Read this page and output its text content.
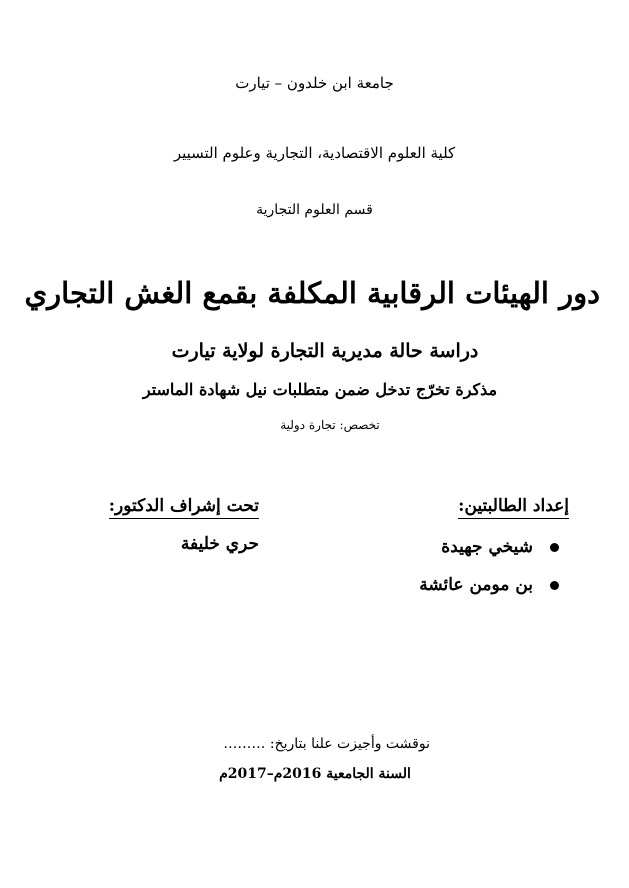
جامعة ابن خلدون – تيارت
كلية العلوم الاقتصادية، التجارية وعلوم التسيير
قسم العلوم التجارية
دور الهيئات الرقابية المكلفة بقمع الغش التجاري
دراسة حالة مديرية التجارة لولاية تيارت
مذكرة تخرّج تدخل ضمن متطلبات نيل شهادة الماستر
تخصص: تجارة دولية
إعداد الطالبتين:
شيخي جهيدة
بن مومن عائشة
تحت إشراف الدكتور:
حري خليفة
نوقشت وأجيزت علنا بتاريخ: ………
السنة الجامعية 2016م–2017م
